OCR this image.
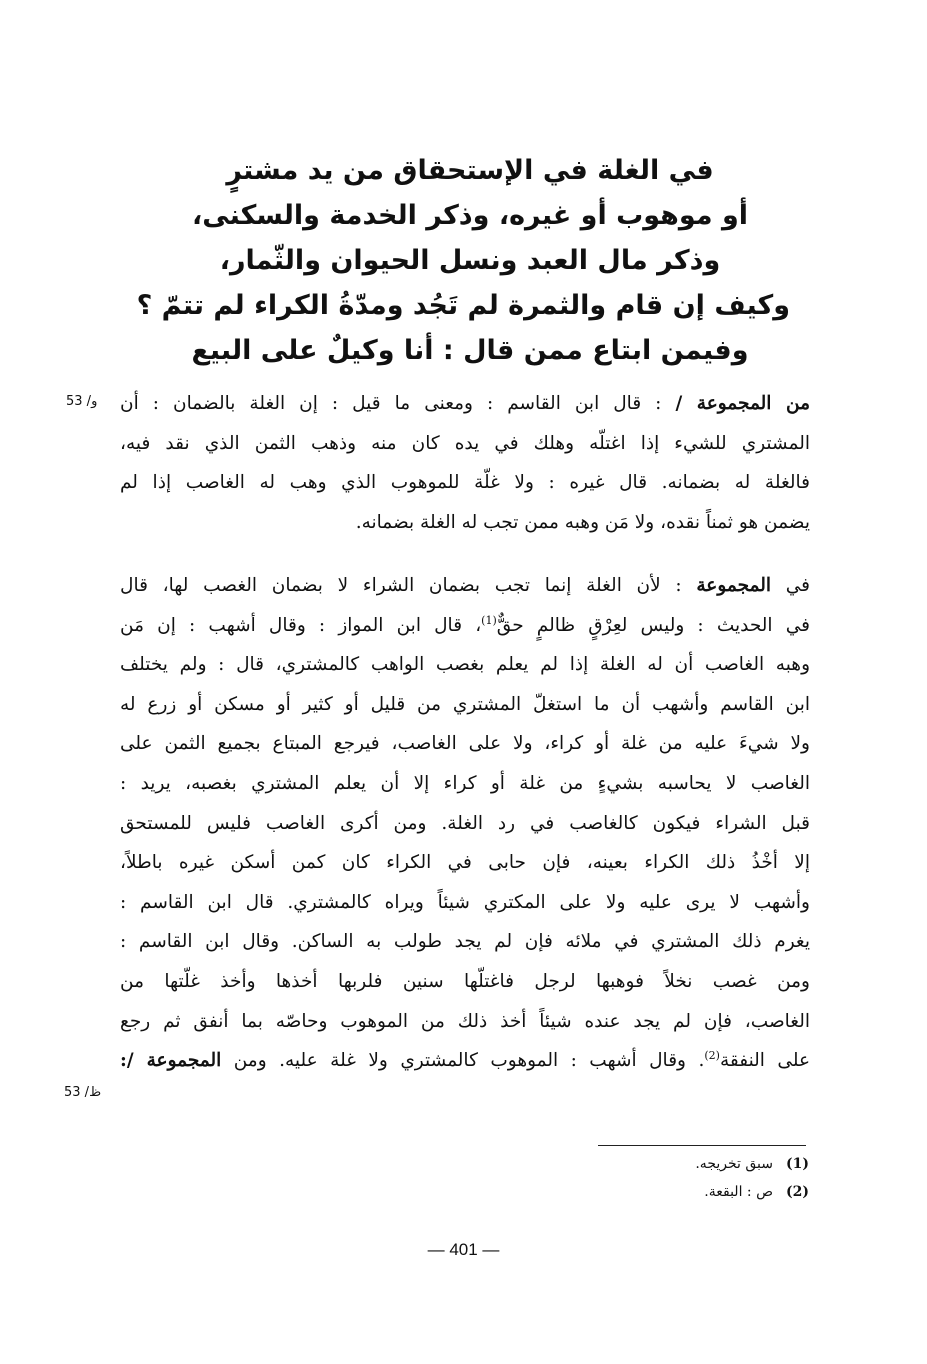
في الغلة في الإستحقاق من يد مشترٍ
أو موهوب أو غيره، وذكر الخدمة والسكنى،
وذكر مال العبد ونسل الحيوان والثّمار،
وكيف إن قام والثمرة لم تَجُد ومدّةُ الكراء لم تتمّ ؟
وفيمن ابتاع ممن قال : أنا وكيلٌ على البيع
53 /و	من المجموعة / : قال ابن القاسم : ومعنى ما قيل : إن الغلة بالضمان : أن
المشتري للشيء إذا اغتلّه وهلك في يده كان منه وذهب الثمن الذي نقد فيه،
فالغلة له بضمانه. قال غيره : ولا غلّة للموهوب الذي وهب له الغاصب إذا لم
يضمن هو ثمناً نقده، ولا مَن وهبه ممن تجب له الغلة بضمانه.
في المجموعة : لأن الغلة إنما تجب بضمان الشراء لا بضمان الغصب لها، قال
في الحديث : وليس لعِرْقٍ ظالمٍ حقٌّ$^{(1)}$، قال ابن المواز : وقال أشهب : إن مَن
وهبه الغاصب أن له الغلة إذا لم يعلم بغصب الواهب كالمشتري، قال : ولم يختلف
ابن القاسم وأشهب أن ما استغلّ المشتري من قليل أو كثير أو مسكن أو زرع له
ولا شيءَ عليه من غلة أو كراء، ولا على الغاصب، فيرجع المبتاع بجميع الثمن على
الغاصب لا يحاسبه بشيءٍ من غلة أو كراء إلا أن يعلم المشتري بغصبه، يريد :
قبل الشراء فيكون كالغاصب في رد الغلة. ومن أكرى الغاصب فليس للمستحق
إلا أخْذُ ذلك الكراء بعينه، فإن حابى في الكراء كان كمن أسكن غيره باطلاً،
وأشهب لا يرى عليه ولا على المكتري شيئاً ويراه كالمشتري. قال ابن القاسم :
يغرم ذلك المشتري في ملائه فإن لم يجد طولب به الساكن. وقال ابن القاسم :
ومن غصب نخلاً فوهبها لرجل فاغتلّها سنين فلربها أخذها وأخذ غلّتها من
الغاصب، فإن لم يجد عنده شيئاً أخذ ذلك من الموهوب وحاصّه بما أنفق ثم رجع
على النفقة$^{(2)}$. وقال أشهب : الموهوب كالمشتري ولا غلة عليه. ومن المجموعة /:
53 /ظ
(1)سبق تخريجه.
(2)ص : البقعة.
— 401 —
